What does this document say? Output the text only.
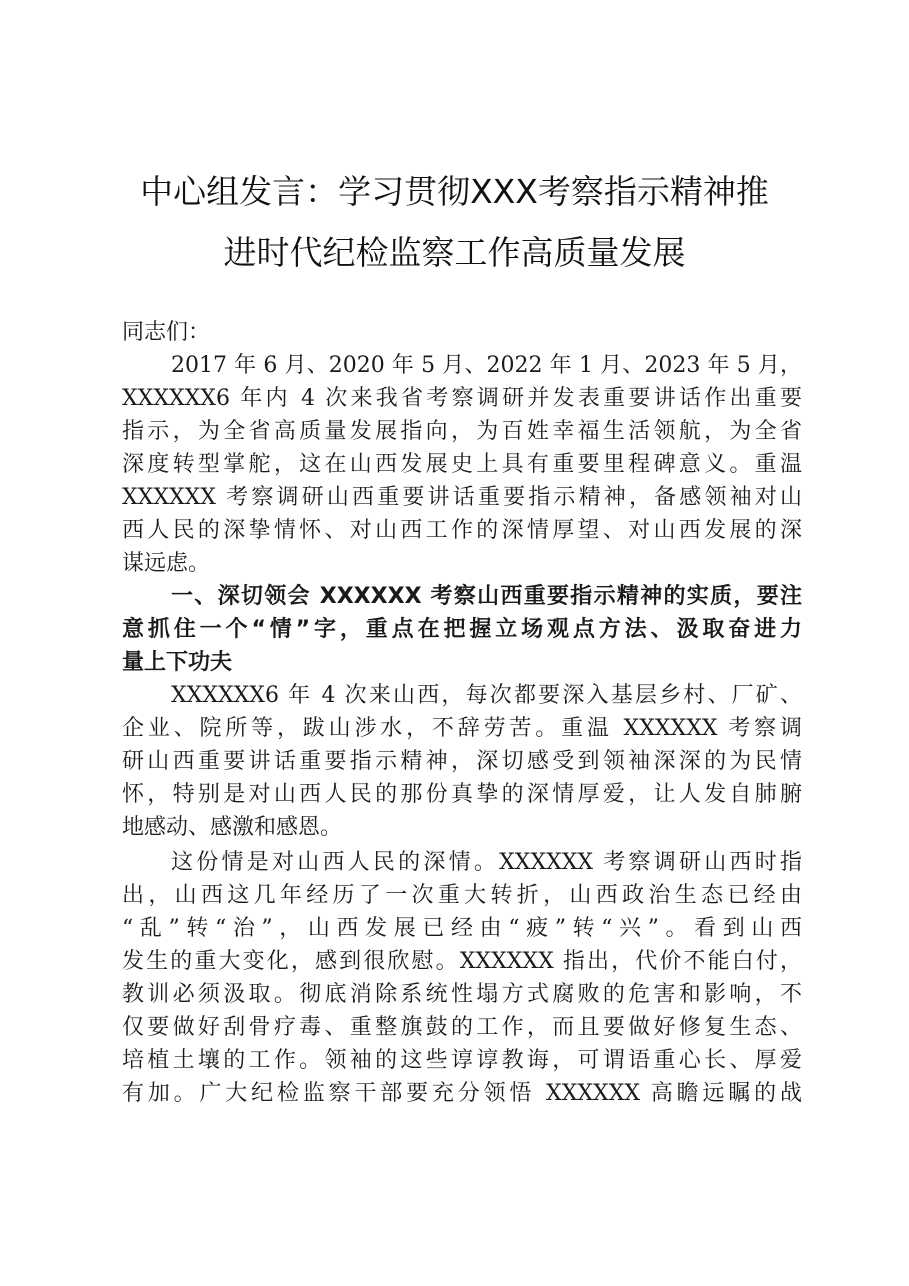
中心组发言：学习贯彻XXX考察指示精神推
进时代纪检监察工作高质量发展
同志们：
2017 年 6 月、2020 年 5 月、2022 年 1 月、2023 年 5 月，
XXXXXX6 年内 4 次来我省考察调研并发表重要讲话作出重要
指示，为全省高质量发展指向，为百姓幸福生活领航，为全省
深度转型掌舵，这在山西发展史上具有重要里程碑意义。重温
XXXXXX 考察调研山西重要讲话重要指示精神，备感领袖对山
西人民的深挚情怀、对山西工作的深情厚望、对山西发展的深
谋远虑。
一、深切领会 XXXXXX 考察山西重要指示精神的实质，要注
意抓住一个“情”字，重点在把握立场观点方法、汲取奋进力
量上下功夫
XXXXXX6 年 4 次来山西，每次都要深入基层乡村、厂矿、
企业、院所等，跋山涉水，不辞劳苦。重温 XXXXXX 考察调
研山西重要讲话重要指示精神，深切感受到领袖深深的为民情
怀，特别是对山西人民的那份真挚的深情厚爱，让人发自肺腑
地感动、感激和感恩。
这份情是对山西人民的深情。XXXXXX 考察调研山西时指
出，山西这几年经历了一次重大转折，山西政治生态已经由
“乱”转“治”，山西发展已经由“疲”转“兴”。看到山西
发生的重大变化，感到很欣慰。XXXXXX 指出，代价不能白付，
教训必须汲取。彻底消除系统性塌方式腐败的危害和影响，不
仅要做好刮骨疗毒、重整旗鼓的工作，而且要做好修复生态、
培植土壤的工作。领袖的这些谆谆教诲，可谓语重心长、厚爱
有加。广大纪检监察干部要充分领悟 XXXXXX 高瞻远瞩的战
